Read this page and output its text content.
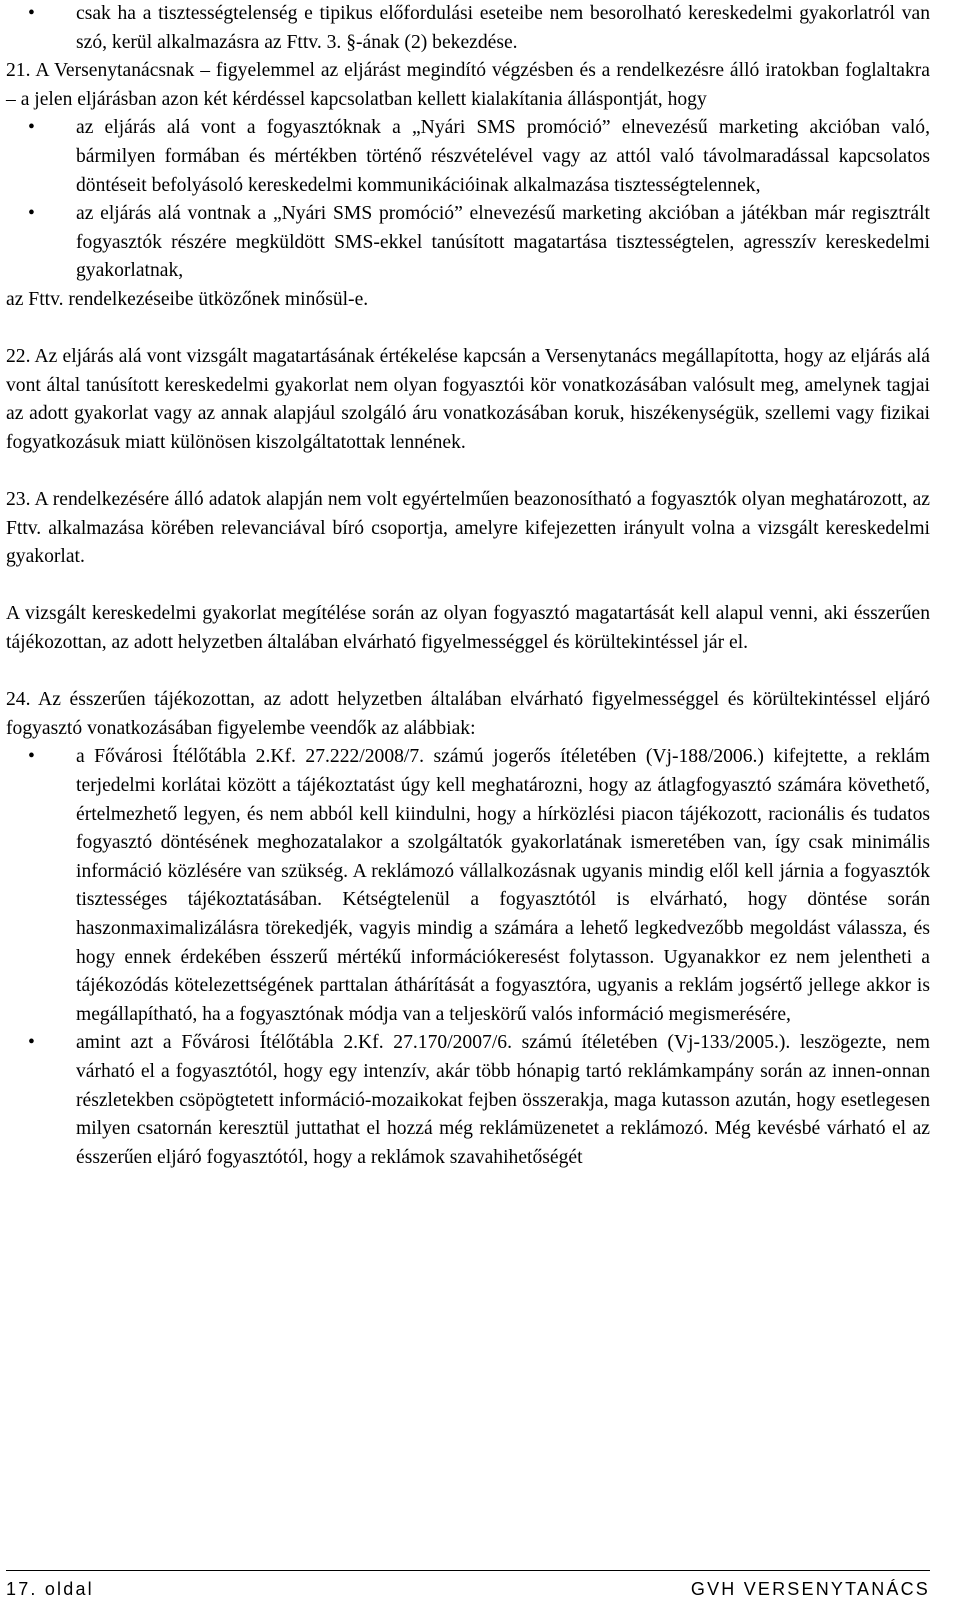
•	csak ha a tisztességtelenség e tipikus előfordulási eseteibe nem besorolható kereskedelmi gyakorlatról van szó, kerül alkalmazásra az Fttv. 3. §-ának (2) bekezdése.

21. A Versenytanácsnak – figyelemmel az eljárást megindító végzésben és a rendelkezésre álló iratokban foglaltakra – a jelen eljárásban azon két kérdéssel kapcsolatban kellett kialakítania álláspontját, hogy

•	az eljárás alá vont a fogyasztóknak a „Nyári SMS promóció” elnevezésű marketing akcióban való, bármilyen formában és mértékben történő részvételével vagy az attól való távolmaradással kapcsolatos döntéseit befolyásoló kereskedelmi kommunikációinak alkalmazása tisztességtelennek,
•	az eljárás alá vontnak a „Nyári SMS promóció” elnevezésű marketing akcióban a játékban már regisztrált fogyasztók részére megküldött SMS-ekkel tanúsított magatartása tisztességtelen, agresszív kereskedelmi gyakorlatnak,

az Fttv. rendelkezéseibe ütközőnek minősül-e.

22. Az eljárás alá vont vizsgált magatartásának értékelése kapcsán a Versenytanács megállapította, hogy az eljárás alá vont által tanúsított kereskedelmi gyakorlat nem olyan fogyasztói kör vonatkozásában valósult meg, amelynek tagjai az adott gyakorlat vagy az annak alapjául szolgáló áru vonatkozásában koruk, hiszékenységük, szellemi vagy fizikai fogyatkozásuk miatt különösen kiszolgáltatottak lennének.

23. A rendelkezésére álló adatok alapján nem volt egyértelműen beazonosítható a fogyasztók olyan meghatározott, az Fttv. alkalmazása körében relevanciával bíró csoportja, amelyre kifejezetten irányult volna a vizsgált kereskedelmi gyakorlat.

A vizsgált kereskedelmi gyakorlat megítélése során az olyan fogyasztó magatartását kell alapul venni, aki ésszerűen tájékozottan, az adott helyzetben általában elvárható figyelmességgel és körültekintéssel jár el.

24. Az ésszerűen tájékozottan, az adott helyzetben általában elvárható figyelmességgel és körültekintéssel eljáró fogyasztó vonatkozásában figyelembe veendők az alábbiak:

•	a Fővárosi Ítélőtábla 2.Kf. 27.222/2008/7. számú jogerős ítéletében (Vj-188/2006.) kifejtette, a reklám terjedelmi korlátai között a tájékoztatást úgy kell meghatározni, hogy az átlagfogyasztó számára követhető, értelmezhető legyen, és nem abból kell kiindulni, hogy a hírközlési piacon tájékozott, racionális és tudatos fogyasztó döntésének meghozatalakor a szolgáltatók gyakorlatának ismeretében van, így csak minimális információ közlésére van szükség. A reklámozó vállalkozásnak ugyanis mindig elől kell járnia a fogyasztók tisztességes tájékoztatásában. Kétségtelenül a fogyasztótól is elvárható, hogy döntése során haszonmaximalizálásra törekedjék, vagyis mindig a számára a lehető legkedvezőbb megoldást válassza, és hogy ennek érdekében ésszerű mértékű információkeresést folytasson. Ugyanakkor ez nem jelentheti a tájékozódás kötelezettségének parttalan áthárítását a fogyasztóra, ugyanis a reklám jogsértő jellege akkor is megállapítható, ha a fogyasztónak módja van a teljeskörű valós információ megismerésére,
•	amint azt a Fővárosi Ítélőtábla 2.Kf. 27.170/2007/6. számú ítéletében (Vj-133/2005.). leszögezte, nem várható el a fogyasztótól, hogy egy intenzív, akár több hónapig tartó reklámkampány során az innen-onnan részletekben csöpögtetett információ-mozaikokat fejben összerakja, maga kutasson azután, hogy esetlegesen milyen csatornán keresztül juttathat el hozzá még reklámüzenetet a reklámozó. Még kevésbé várható el az ésszerűen eljáró fogyasztótól, hogy a reklámok szavahihetőségét
17. oldal	GVH VERSENYTANÁCS
